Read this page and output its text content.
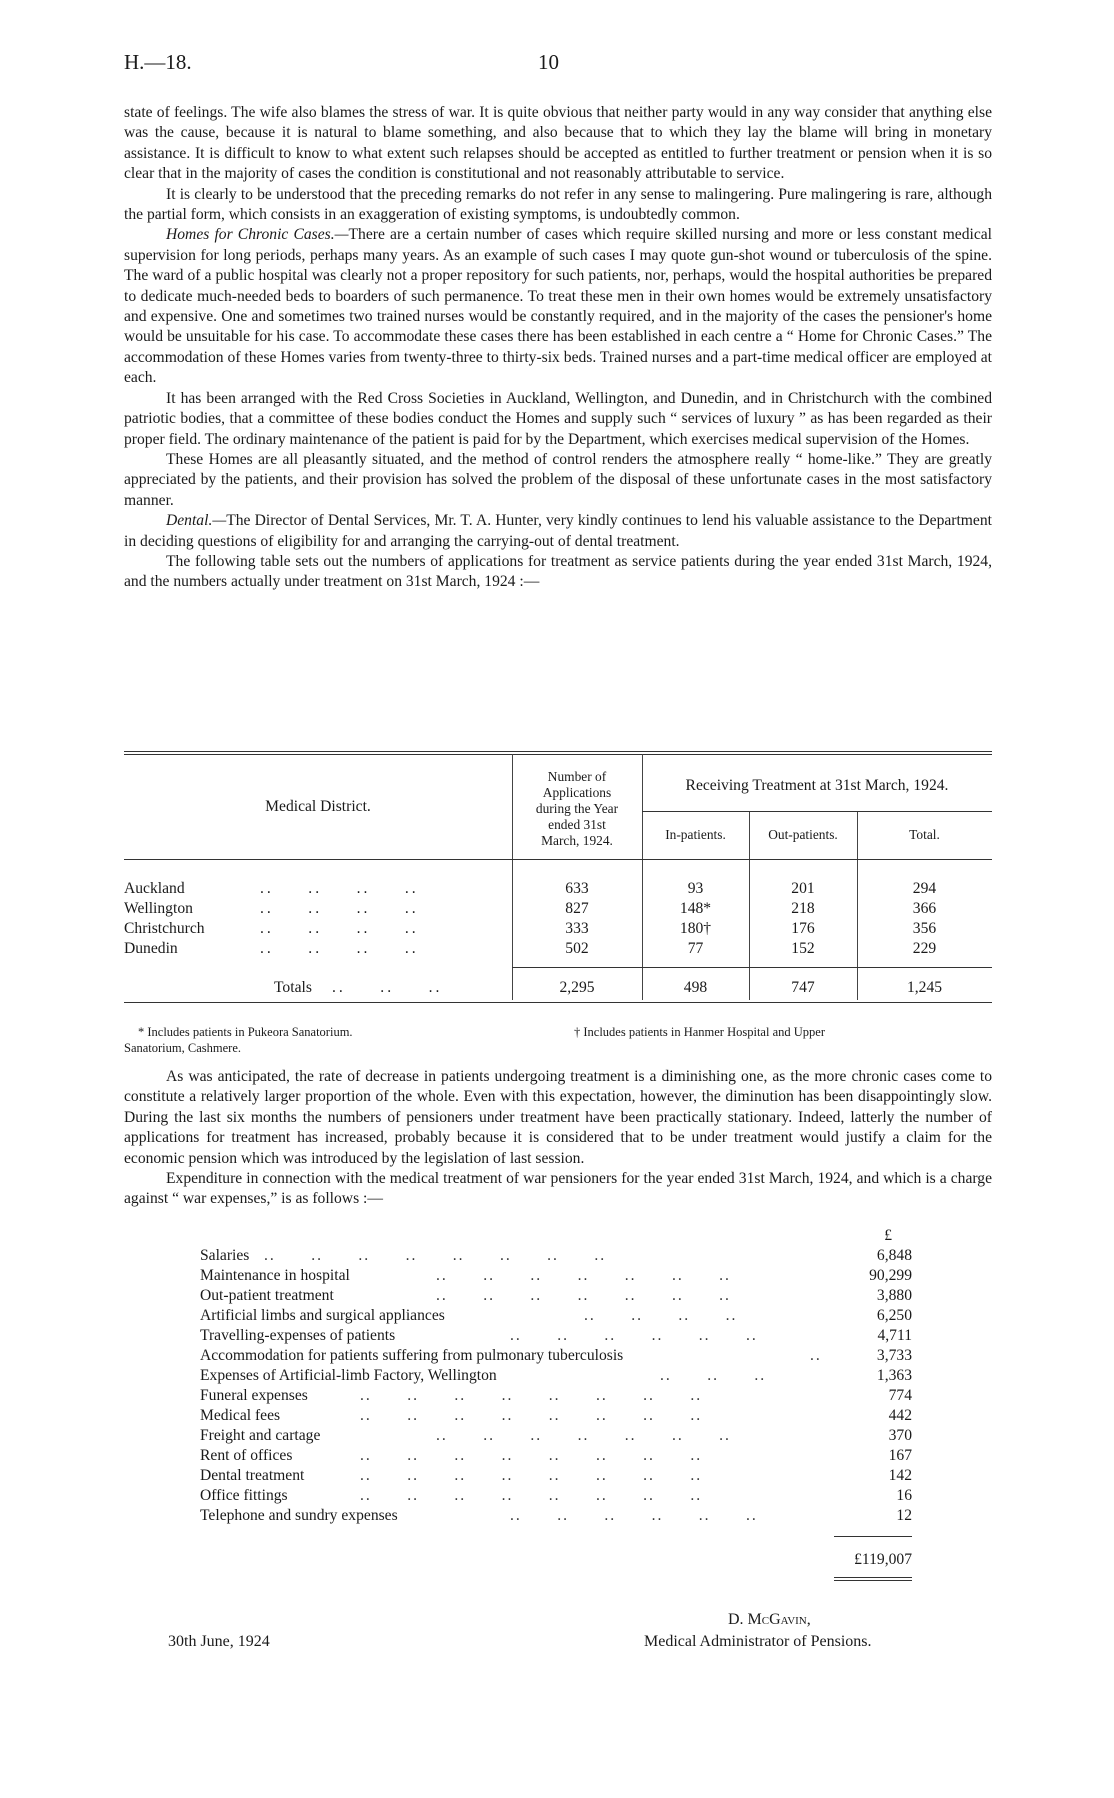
H.—18.	10

state of feelings. The wife also blames the stress of war. It is quite obvious that neither party would in any way consider that anything else was the cause, because it is natural to blame something, and also because that to which they lay the blame will bring in monetary assistance. It is difficult to know to what extent such relapses should be accepted as entitled to further treatment or pension when it is so clear that in the majority of cases the condition is constitutional and not reasonably attributable to service.

It is clearly to be understood that the preceding remarks do not refer in any sense to malingering. Pure malingering is rare, although the partial form, which consists in an exaggeration of existing symptoms, is undoubtedly common.

Homes for Chronic Cases.—There are a certain number of cases which require skilled nursing and more or less constant medical supervision for long periods, perhaps many years. As an example of such cases I may quote gun-shot wound or tuberculosis of the spine. The ward of a public hospital was clearly not a proper repository for such patients, nor, perhaps, would the hospital authorities be prepared to dedicate much-needed beds to boarders of such permanence. To treat these men in their own homes would be extremely unsatisfactory and expensive. One and sometimes two trained nurses would be constantly required, and in the majority of the cases the pensioner's home would be unsuitable for his case. To accommodate these cases there has been established in each centre a “ Home for Chronic Cases.” The accommodation of these Homes varies from twenty-three to thirty-six beds. Trained nurses and a part-time medical officer are employed at each.

It has been arranged with the Red Cross Societies in Auckland, Wellington, and Dunedin, and in Christchurch with the combined patriotic bodies, that a committee of these bodies conduct the Homes and supply such “ services of luxury ” as has been regarded as their proper field. The ordinary maintenance of the patient is paid for by the Department, which exercises medical supervision of the Homes.

These Homes are all pleasantly situated, and the method of control renders the atmosphere really “ home-like.” They are greatly appreciated by the patients, and their provision has solved the problem of the disposal of these unfortunate cases in the most satisfactory manner.

Dental.—The Director of Dental Services, Mr. T. A. Hunter, very kindly continues to lend his valuable assistance to the Department in deciding questions of eligibility for and arranging the carrying-out of dental treatment.

The following table sets out the numbers of applications for treatment as service patients during the year ended 31st March, 1924, and the numbers actually under treatment on 31st March, 1924 :—

Medical District.
Number of
Applications
during the Year
ended 31st
March, 1924.
Receiving Treatment at 31st March, 1924.
In-patients.	Out-patients.	Total.
Auckland	..     ..     ..     ..	633	93	201	294
Wellington	..     ..     ..     ..	827	148*	218	366
Christchurch	..     ..     ..     ..	333	180†	176	356
Dunedin	..     ..     ..     ..	502	77	152	229
Totals ..     ..     ..	2,295	498	747	1,245
* Includes patients in Pukeora Sanatorium.	† Includes patients in Hanmer Hospital and Upper
Sanatorium, Cashmere.

As was anticipated, the rate of decrease in patients undergoing treatment is a diminishing one, as the more chronic cases come to constitute a relatively larger proportion of the whole. Even with this expectation, however, the diminution has been disappointingly slow. During the last six months the numbers of pensioners under treatment have been practically stationary. Indeed, latterly the number of applications for treatment has increased, probably because it is considered that to be under treatment would justify a claim for the economic pension which was introduced by the legislation of last session.

Expenditure in connection with the medical treatment of war pensioners for the year ended 31st March, 1924, and which is a charge against “ war expenses,” is as follows :—

£
Salaries ..      ..      ..      ..      ..      ..      ..      ..	6,848
Maintenance in hospital	..      ..      ..      ..      ..      ..      ..	90,299
Out-patient treatment	..      ..      ..      ..      ..      ..      ..	3,880
Artificial limbs and surgical appliances	..      ..      ..      ..	6,250
Travelling-expenses of patients	..      ..      ..      ..      ..      ..	4,711
Accommodation for patients suffering from pulmonary tuberculosis	..	3,733
Expenses of Artificial-limb Factory, Wellington	..      ..      ..	1,363
Funeral expenses	..      ..      ..      ..      ..      ..      ..      ..	774
Medical fees	..      ..      ..      ..      ..      ..      ..      ..	442
Freight and cartage	..      ..      ..      ..      ..      ..      ..	370
Rent of offices	..      ..      ..      ..      ..      ..      ..      ..	167
Dental treatment	..      ..      ..      ..      ..      ..      ..      ..	142
Office fittings	..      ..      ..      ..      ..      ..      ..      ..	16
Telephone and sundry expenses	..      ..      ..      ..      ..      ..	12
£119,007
D. McGavin,
30th June, 1924	Medical Administrator of Pensions.
